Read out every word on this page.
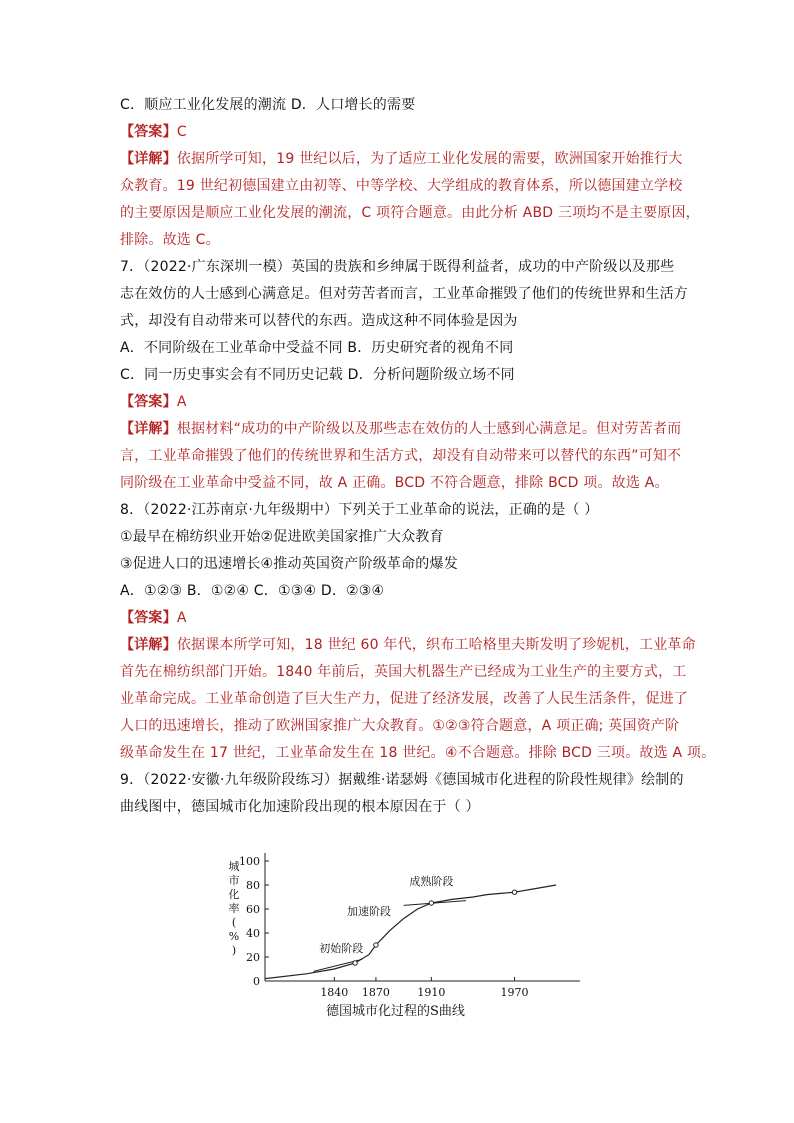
C．顺应工业化发展的潮流 D．人口增长的需要
【答案】C
【详解】依据所学可知，19 世纪以后，为了适应工业化发展的需要，欧洲国家开始推行大
众教育。19 世纪初德国建立由初等、中等学校、大学组成的教育体系，所以德国建立学校
的主要原因是顺应工业化发展的潮流，C 项符合题意。由此分析 ABD 三项均不是主要原因，
排除。故选 C。
7．（2022·广东深圳一模）英国的贵族和乡绅属于既得利益者，成功的中产阶级以及那些
志在效仿的人士感到心满意足。但对劳苦者而言，工业革命摧毁了他们的传统世界和生活方
式，却没有自动带来可以替代的东西。造成这种不同体验是因为
A．不同阶级在工业革命中受益不同 B．历史研究者的视角不同
C．同一历史事实会有不同历史记载 D．分析问题阶级立场不同
【答案】A
【详解】根据材料“成功的中产阶级以及那些志在效仿的人士感到心满意足。但对劳苦者而
言，工业革命摧毁了他们的传统世界和生活方式，却没有自动带来可以替代的东西”可知不
同阶级在工业革命中受益不同，故 A 正确。BCD 不符合题意，排除 BCD 项。故选 A。
8．（2022·江苏南京·九年级期中）下列关于工业革命的说法，正确的是（ ）
①最早在棉纺织业开始②促进欧美国家推广大众教育
③促进人口的迅速增长④推动英国资产阶级革命的爆发
A．①②③ B．①②④ C．①③④ D．②③④
【答案】A
【详解】依据课本所学可知，18 世纪 60 年代，织布工哈格里夫斯发明了珍妮机，工业革命
首先在棉纺织部门开始。1840 年前后，英国大机器生产已经成为工业生产的主要方式，工
业革命完成。工业革命创造了巨大生产力，促进了经济发展，改善了人民生活条件，促进了
人口的迅速增长，推动了欧洲国家推广大众教育。①②③符合题意，A 项正确; 英国资产阶
级革命发生在 17 世纪，工业革命发生在 18 世纪。④不合题意。排除 BCD 三项。故选 A 项。
9．（2022·安徽·九年级阶段练习）据戴维·诺瑟姆《德国城市化进程的阶段性规律》绘制的
曲线图中，德国城市化加速阶段出现的根本原因在于（ ）
0
20
40
60
80
100
1840 1870 1910	1970
城
市
化
率
(
%
)	初始阶段
加速阶段
成熟阶段
德国城市化过程的S曲线
